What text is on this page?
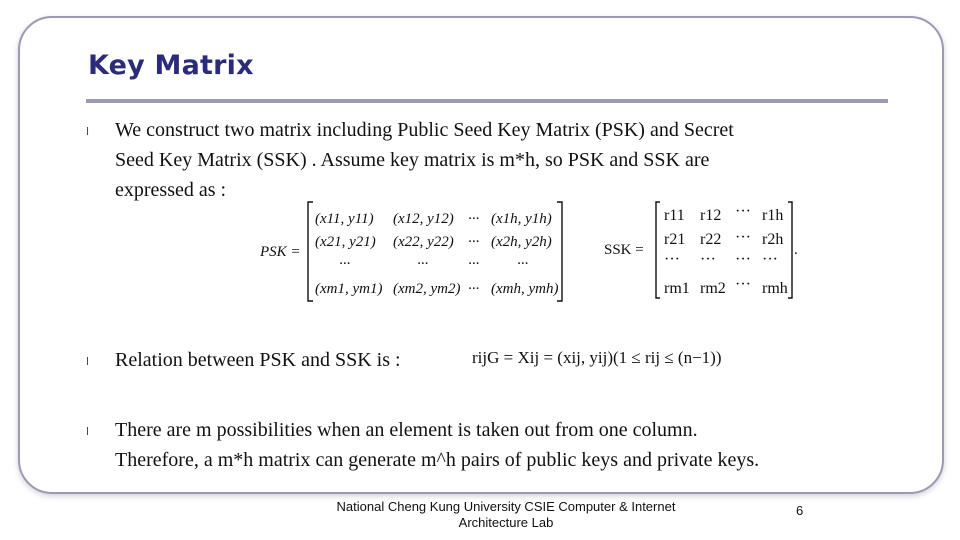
Key Matrix
l We construct two matrix including Public Seed Key Matrix (PSK) and Secret
Seed Key Matrix (SSK) . Assume key matrix is m*h, so PSK and SSK are
expressed as :
PSK =
(x11, y11) (x12, y12) ··· (x1h, y1h)
(x21, y21) (x22, y22) ··· (x2h, y2h)
···	···	···	···
(xm1, ym1) (xm2, ym2) ··· (xmh, ymh)
SSK =
r11 r12 ··· r1h
r21 r22 ··· r2h
··· ··· ··· ···
rm1 rm2 ··· rmh
.
l Relation between PSK and SSK is :	rijG = Xij = (xij, yij)(1 ≤ rij ≤ (n−1))
l There are m possibilities when an element is taken out from one column.
Therefore, a m*h matrix can generate m^h pairs of public keys and private keys.
National Cheng Kung University CSIE Computer & Internet
Architecture Lab
6
